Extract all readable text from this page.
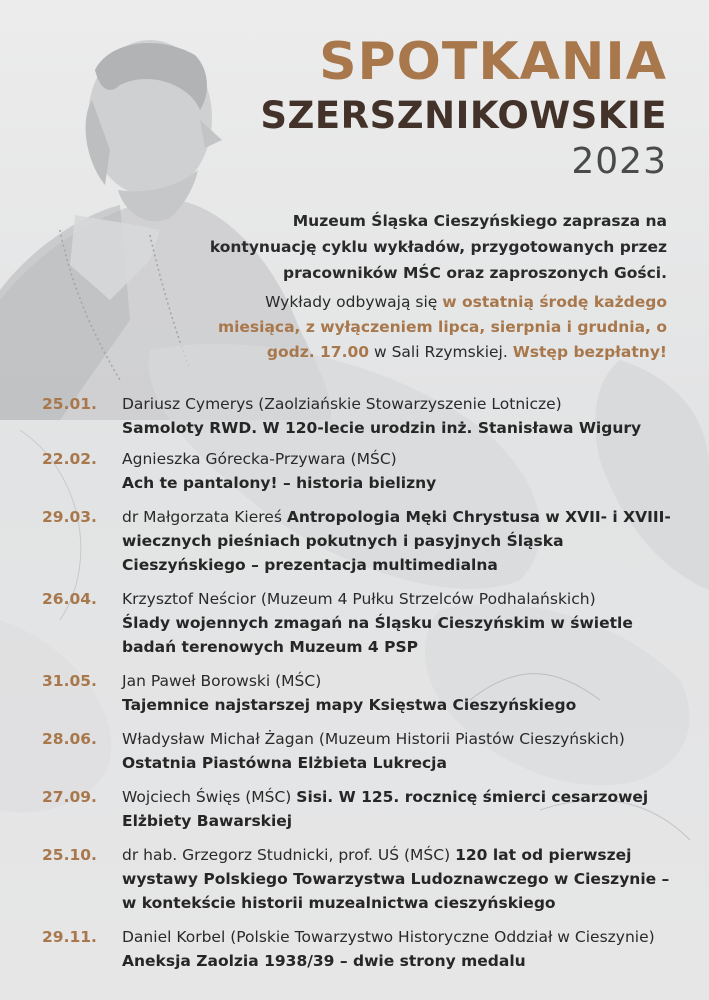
SPOTKANIA
SZERSZNIKOWSKIE
2023

Muzeum Śląska Cieszyńskiego zaprasza na kontynuację cyklu wykładów, przygotowanych przez pracowników MŚC oraz zaproszonych Gości.

Wykłady odbywają się w ostatnią środę każdego miesiąca, z wyłączeniem lipca, sierpnia i grudnia, o godz. 17.00 w Sali Rzymskiej. Wstęp bezpłatny!

25.01.	Dariusz Cymerys (Zaolziańskie Stowarzyszenie Lotnicze)
Samoloty RWD. W 120-lecie urodzin inż. Stanisława Wigury
22.02.	Agnieszka Górecka-Przywara (MŚC)
Ach te pantalony! – historia bielizny
29.03.	dr Małgorzata Kiereś Antropologia Męki Chrystusa w XVII- i XVIII-wiecznych pieśniach pokutnych i pasyjnych Śląska Cieszyńskiego – prezentacja multimedialna
26.04.	Krzysztof Neścior (Muzeum 4 Pułku Strzelców Podhalańskich)
Ślady wojennych zmagań na Śląsku Cieszyńskim w świetle badań terenowych Muzeum 4 PSP
31.05.	Jan Paweł Borowski (MŚC)
Tajemnice najstarszej mapy Księstwa Cieszyńskiego
28.06.	Władysław Michał Żagan (Muzeum Historii Piastów Cieszyńskich) Ostatnia Piastówna Elżbieta Lukrecja
27.09.	Wojciech Święs (MŚC) Sisi. W 125. rocznicę śmierci cesarzowej Elżbiety Bawarskiej
25.10.	dr hab. Grzegorz Studnicki, prof. UŚ (MŚC) 120 lat od pierwszej wystawy Polskiego Towarzystwa Ludoznawczego w Cieszynie – w kontekście historii muzealnictwa cieszyńskiego
29.11.	Daniel Korbel (Polskie Towarzystwo Historyczne Oddział w Cieszynie) Aneksja Zaolzia 1938/39 – dwie strony medalu
